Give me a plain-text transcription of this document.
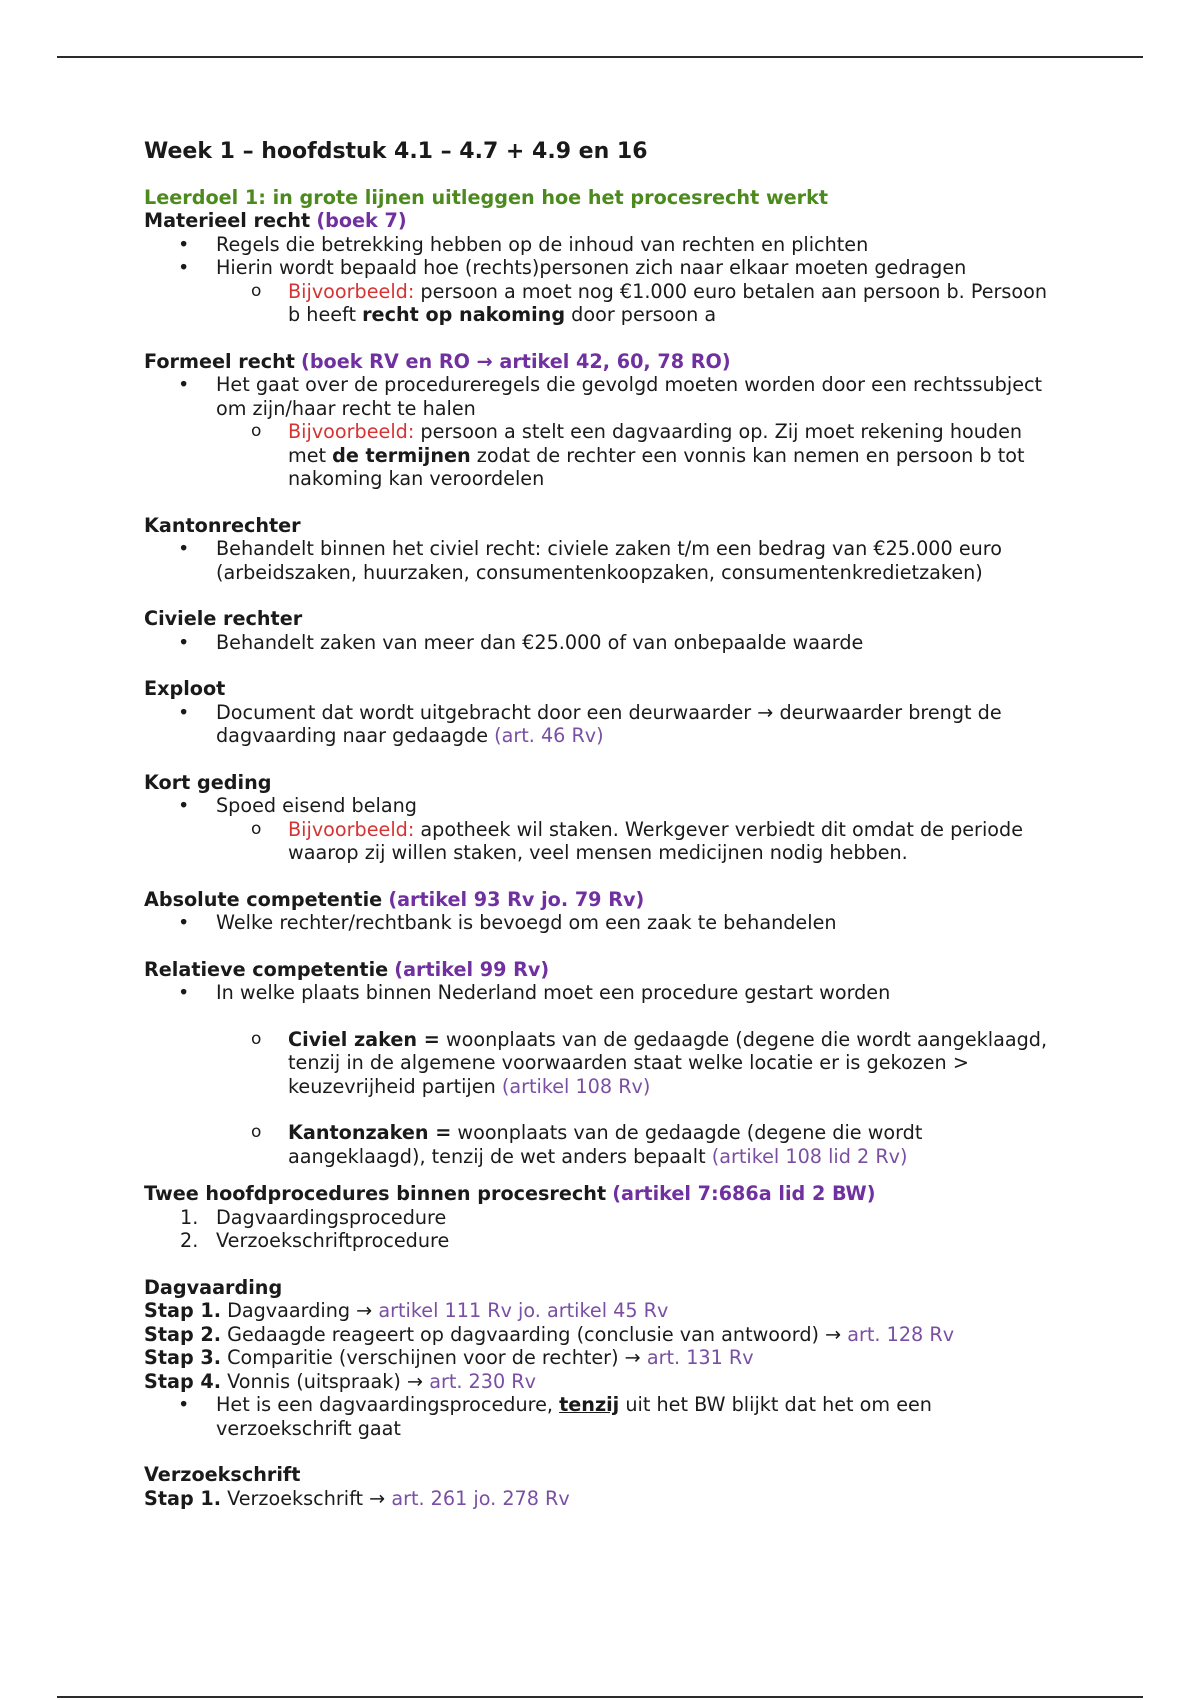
Week 1 – hoofdstuk 4.1 – 4.7 + 4.9 en 16
Leerdoel 1: in grote lijnen uitleggen hoe het procesrecht werkt
Materieel recht (boek 7)
• Regels die betrekking hebben op de inhoud van rechten en plichten
• Hierin wordt bepaald hoe (rechts)personen zich naar elkaar moeten gedragen
o Bijvoorbeeld: persoon a moet nog €1.000 euro betalen aan persoon b. Persoon b heeft recht op nakoming door persoon a
Formeel recht (boek RV en RO → artikel 42, 60, 78 RO)
• Het gaat over de procedureregels die gevolgd moeten worden door een rechtssubject om zijn/haar recht te halen
o Bijvoorbeeld: persoon a stelt een dagvaarding op. Zij moet rekening houden met de termijnen zodat de rechter een vonnis kan nemen en persoon b tot nakoming kan veroordelen
Kantonrechter
• Behandelt binnen het civiel recht: civiele zaken t/m een bedrag van €25.000 euro (arbeidszaken, huurzaken, consumentenkoopzaken, consumentenkredietzaken)
Civiele rechter
• Behandelt zaken van meer dan €25.000 of van onbepaalde waarde
Exploot
• Document dat wordt uitgebracht door een deurwaarder → deurwaarder brengt de dagvaarding naar gedaagde (art. 46 Rv)
Kort geding
• Spoed eisend belang
o Bijvoorbeeld: apotheek wil staken. Werkgever verbiedt dit omdat de periode waarop zij willen staken, veel mensen medicijnen nodig hebben.
Absolute competentie (artikel 93 Rv jo. 79 Rv)
• Welke rechter/rechtbank is bevoegd om een zaak te behandelen
Relatieve competentie (artikel 99 Rv)
• In welke plaats binnen Nederland moet een procedure gestart worden
o Civiel zaken = woonplaats van de gedaagde (degene die wordt aangeklaagd, tenzij in de algemene voorwaarden staat welke locatie er is gekozen > keuzevrijheid partijen (artikel 108 Rv)
o Kantonzaken = woonplaats van de gedaagde (degene die wordt aangeklaagd), tenzij de wet anders bepaalt (artikel 108 lid 2 Rv)
Twee hoofdprocedures binnen procesrecht (artikel 7:686a lid 2 BW)
1. Dagvaardingsprocedure
2. Verzoekschriftprocedure
Dagvaarding
Stap 1. Dagvaarding → artikel 111 Rv jo. artikel 45 Rv
Stap 2. Gedaagde reageert op dagvaarding (conclusie van antwoord) → art. 128 Rv
Stap 3. Comparitie (verschijnen voor de rechter) → art. 131 Rv
Stap 4. Vonnis (uitspraak) → art. 230 Rv
• Het is een dagvaardingsprocedure, tenzij uit het BW blijkt dat het om een verzoekschrift gaat
Verzoekschrift
Stap 1. Verzoekschrift → art. 261 jo. 278 Rv
